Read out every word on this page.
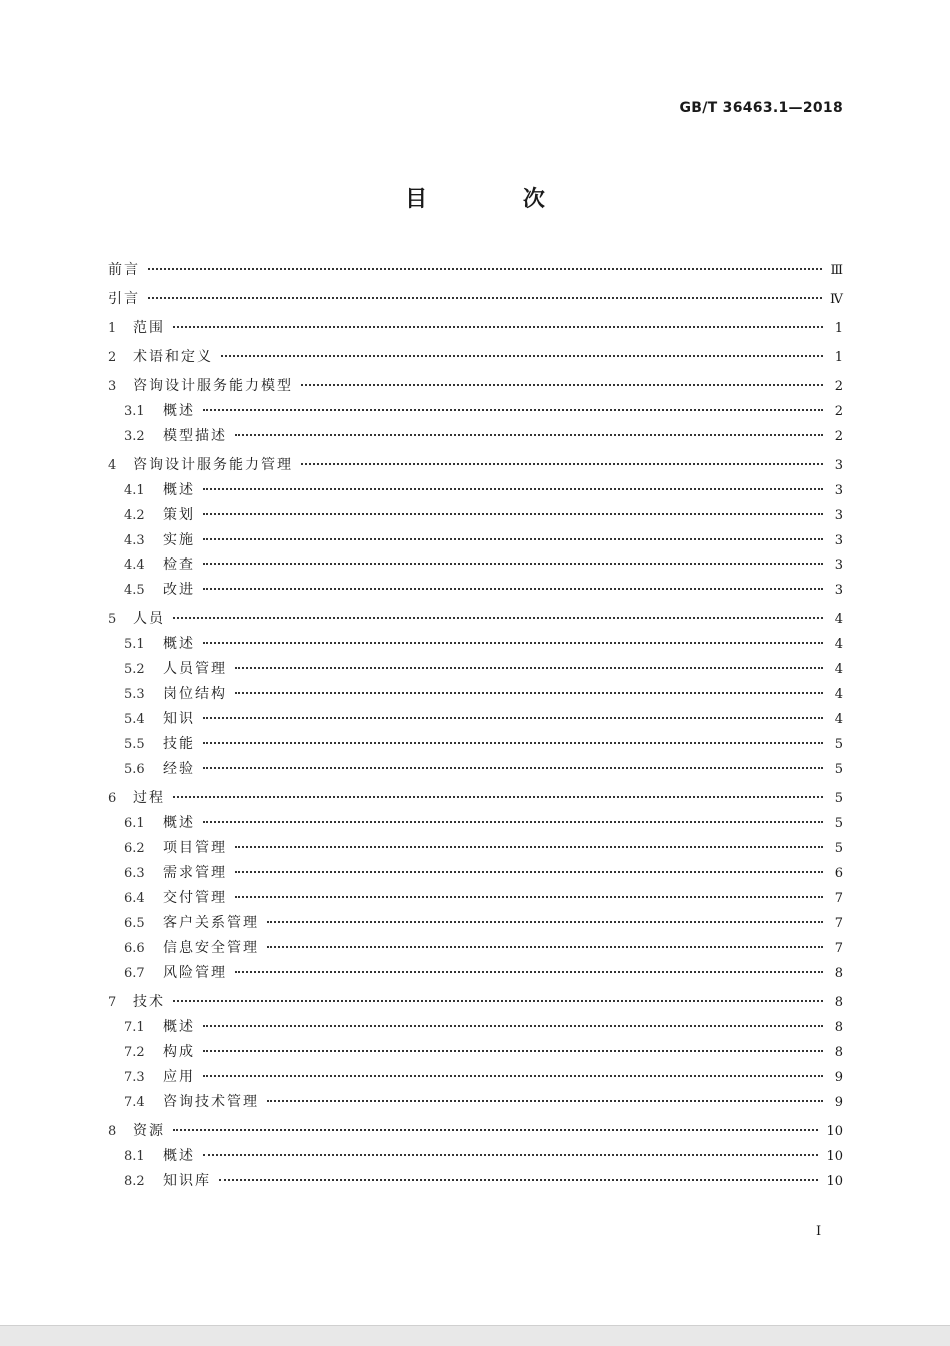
GB/T 36463.1—2018
目 次
前言	Ⅲ
引言	Ⅳ
1	范围	1
2	术语和定义	1
3	咨询设计服务能力模型	2
3.1	概述	2
3.2	模型描述	2
4	咨询设计服务能力管理	3
4.1	概述	3
4.2	策划	3
4.3	实施	3
4.4	检查	3
4.5	改进	3
5	人员	4
5.1	概述	4
5.2	人员管理	4
5.3	岗位结构	4
5.4	知识	4
5.5	技能	5
5.6	经验	5
6	过程	5
6.1	概述	5
6.2	项目管理	5
6.3	需求管理	6
6.4	交付管理	7
6.5	客户关系管理	7
6.6	信息安全管理	7
6.7	风险管理	8
7	技术	8
7.1	概述	8
7.2	构成	8
7.3	应用	9
7.4	咨询技术管理	9
8	资源	10
8.1	概述	10
8.2	知识库	10
Ⅰ
